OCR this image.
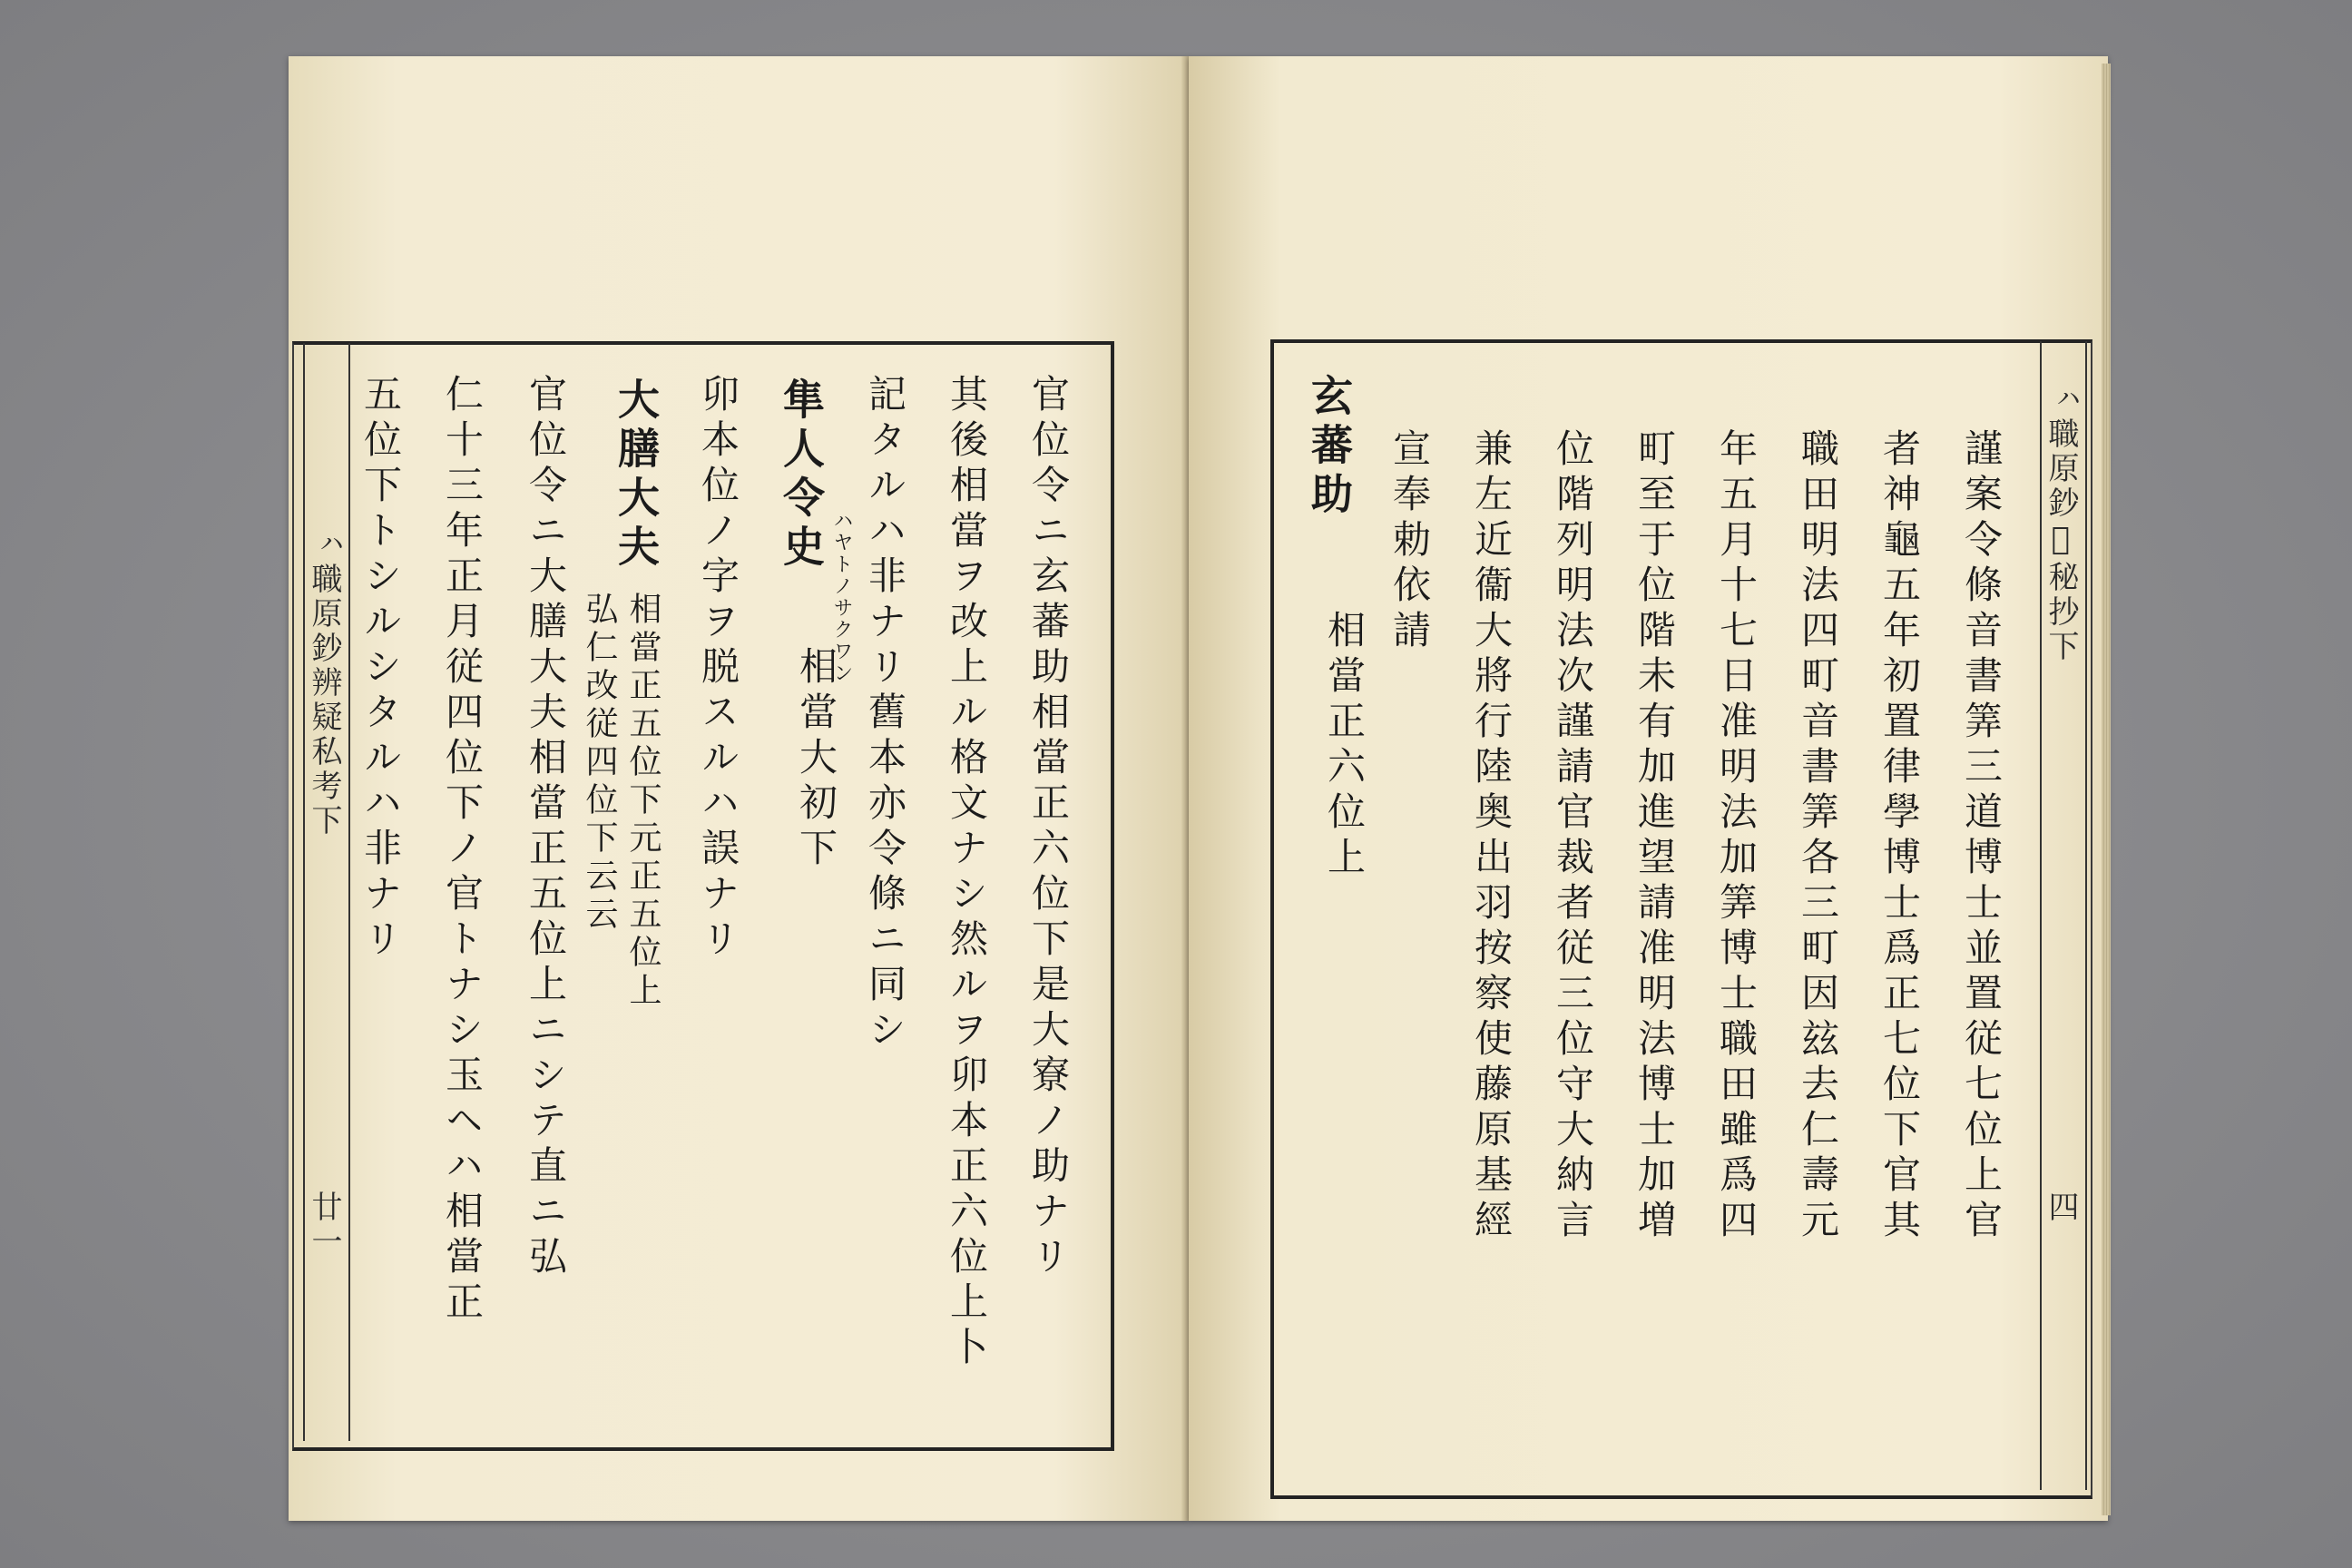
ㇵ職原鈔辨疑私考下
廿一	官位令ニ玄蕃助相當正六位下是大寮ノ助ナリ
其後相當ヲ改上ル格文ナシ然ルヲ卯本正六位上卜
記タルハ非ナリ舊本亦令條ニ同シ
隼人令史
ハヤトノサクワン
相當大初下
卯本位ノ字ヲ脱スルハ誤ナリ
大膳大夫
相當正五位下元正五位上
弘仁改従四位下云云
官位令ニ大膳大夫相當正五位上ニシテ直ニ弘
仁十三年正月従四位下ノ官トナシ玉ヘハ相當正
五位下トシルシタルハ非ナリ	ㇵ職原鈔𮘏秘抄下
四
謹案令條音書筭三道博士並置従七位上官
者神龜五年初置律學博士爲正七位下官其
職田明法四町音書筭各三町因玆去仁壽元
年五月十七日准明法加筭博士職田雖爲四
町至于位階未有加進望請准明法博士加増
位階列明法次謹請官裁者従三位守大納言
兼左近衞大將行陸奥出羽按察使藤原基經
宣奉勅依請
玄蕃助
相當正六位上
